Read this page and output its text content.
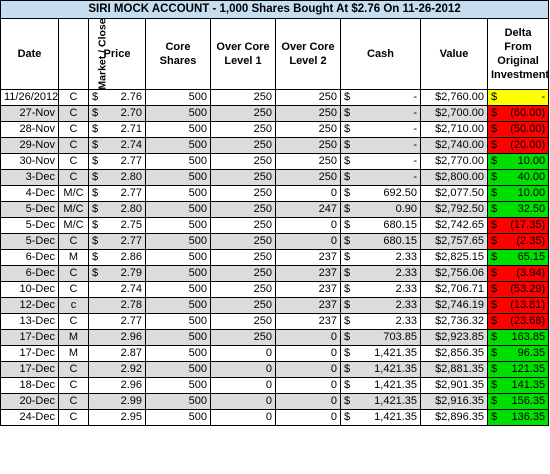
SIRI MOCK ACCOUNT - 1,000 Shares Bought At $2.76 On 11-26-2012								
Date	Market / Close	Price	Core Shares	Over Core Level 1	Over Core Level 2	Cash	Value	Delta From Original Investment
11/26/2012	C	$ 2.76	500	250	250	$ -	$2,760.00	$ -

27-Nov	C	$ 2.70	500	250	250	$ -	$2,700.00	$ (60.00)

28-Nov	C	$ 2.71	500	250	250	$ -	$2,710.00	$ (50.00)

29-Nov	C	$ 2.74	500	250	250	$ -	$2,740.00	$ (20.00)

30-Nov	C	$ 2.77	500	250	250	$ -	$2,770.00	$ 10.00

3-Dec	C	$ 2.80	500	250	250	$ -	$2,800.00	$ 40.00

4-Dec	M/C	$ 2.77	500	250	0	$ 692.50	$2,077.50	$ 10.00

5-Dec	M/C	$ 2.80	500	250	247	$ 0.90	$2,792.50	$ 32.50

5-Dec	M/C	$ 2.75	500	250	0	$ 680.15	$2,742.65	$ (17.35)

5-Dec	C	$ 2.77	500	250	0	$ 680.15	$2,757.65	$ (2.35)

6-Dec	M	$ 2.86	500	250	237	$ 2.33	$2,825.15	$ 65.15

6-Dec	C	$ 2.79	500	250	237	$ 2.33	$2,756.06	$ (3.94)

10-Dec	C	2.74	500	250	237	$ 2.33	$2,706.71	$ (53.29)

12-Dec	c	2.78	500	250	237	$ 2.33	$2,746.19	$ (13.81)

13-Dec	C	2.77	500	250	237	$ 2.33	$2,736.32	$ (23.68)

17-Dec	M	2.96	500	250	0	$ 703.85	$2,923.85	$ 163.85

17-Dec	M	2.87	500	0	0	$ 1,421.35	$2,856.35	$ 96.35

17-Dec	C	2.92	500	0	0	$ 1,421.35	$2,881.35	$ 121.35

18-Dec	C	2.96	500	0	0	$ 1,421.35	$2,901.35	$ 141.35

20-Dec	C	2.99	500	0	0	$ 1,421.35	$2,916.35	$ 156.35

24-Dec	C	2.95	500	0	0	$ 1,421.35	$2,896.35	$ 136.35
